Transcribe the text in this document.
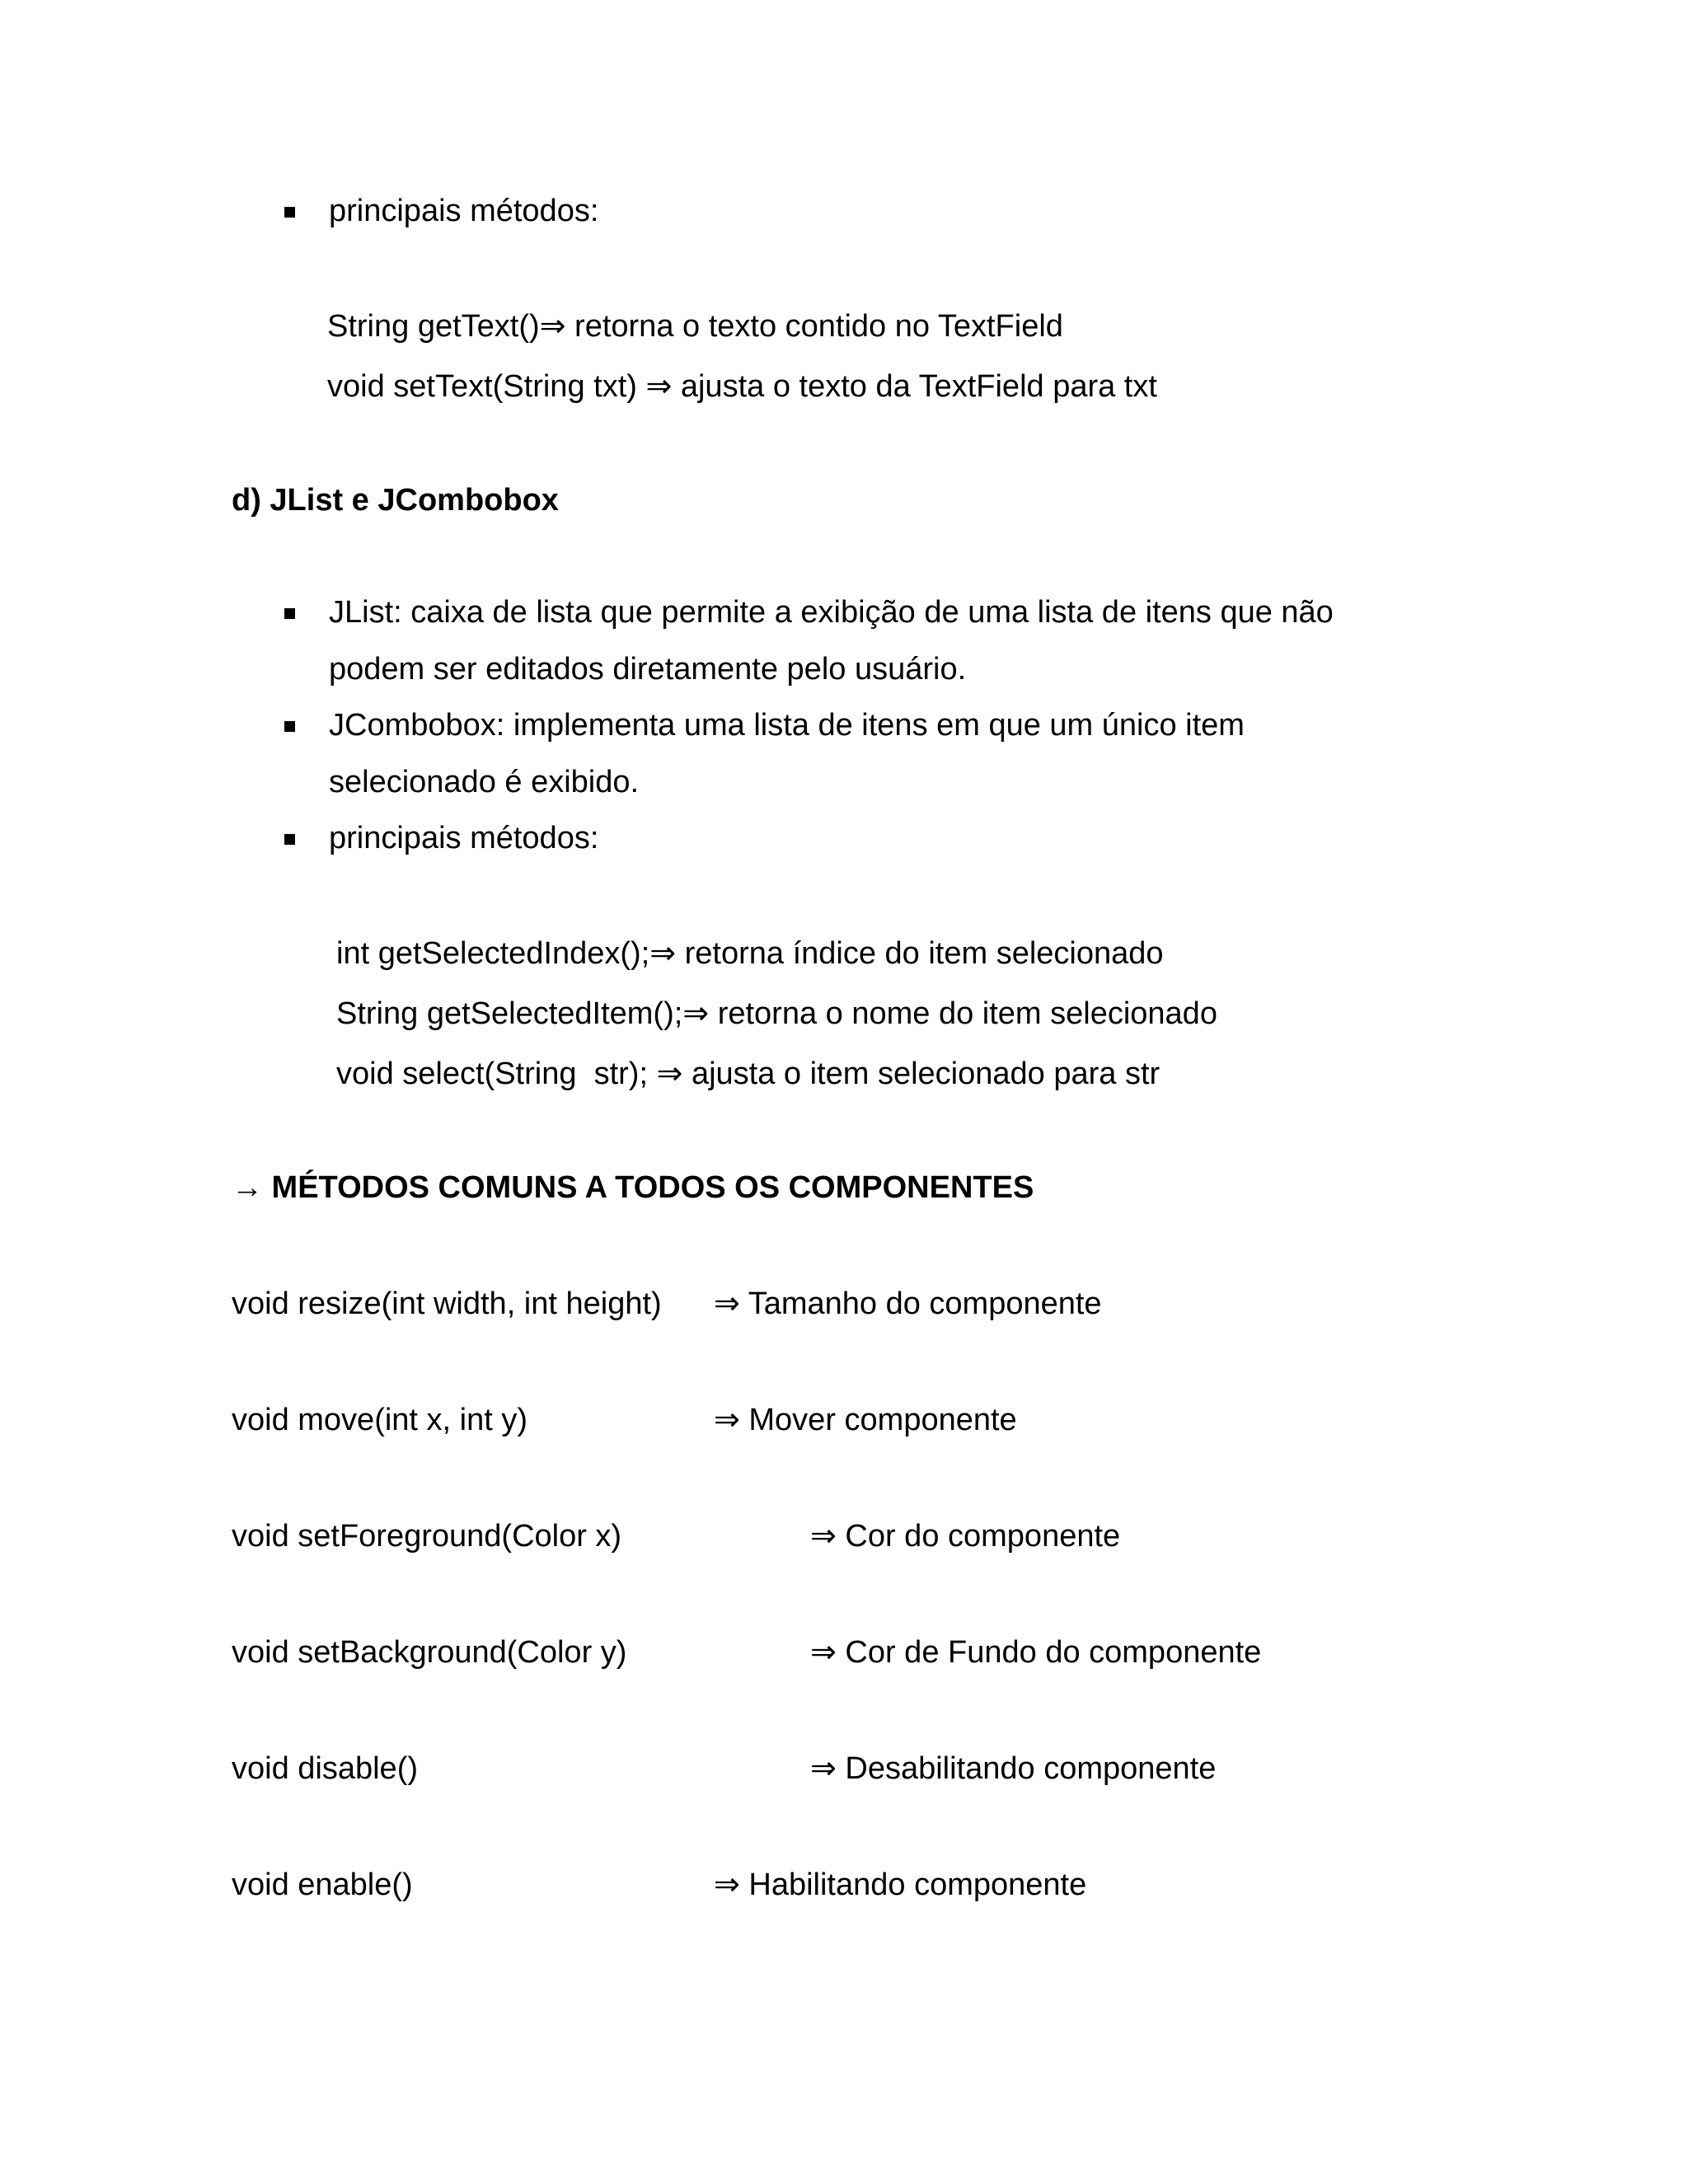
principais métodos:
String getText()⇒ retorna o texto contido no TextField
void setText(String txt) ⇒ ajusta o texto da TextField para txt
d) JList e JCombobox
JList: caixa de lista que permite a exibição de uma lista de itens que não
podem ser editados diretamente pelo usuário.
JCombobox: implementa uma lista de itens em que um único item
selecionado é exibido.
principais métodos:
int getSelectedIndex();⇒ retorna índice do item selecionado
String getSelectedItem();⇒ retorna o nome do item selecionado
void select(String  str); ⇒ ajusta o item selecionado para str
→ MÉTODOS COMUNS A TODOS OS COMPONENTES
void resize(int width, int height) ⇒ Tamanho do componente
void move(int x, int y)	⇒ Mover componente
void setForeground(Color x)	⇒ Cor do componente
void setBackground(Color y)	⇒ Cor de Fundo do componente
void disable()	⇒ Desabilitando componente
void enable()	⇒ Habilitando componente
